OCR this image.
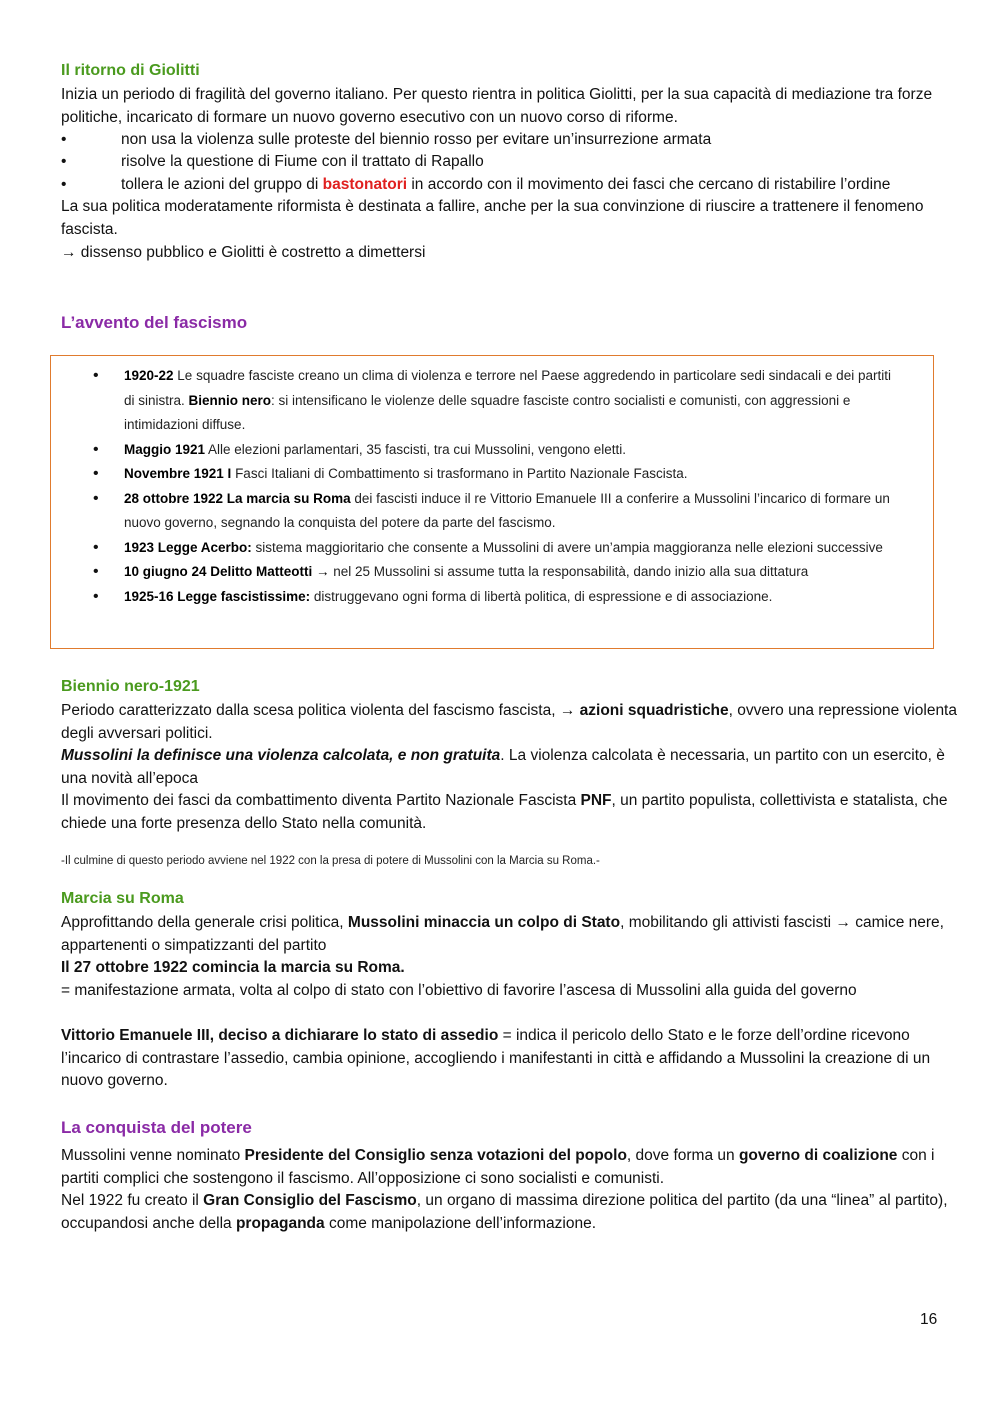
Il ritorno di Giolitti

Inizia un periodo di fragilità del governo italiano. Per questo rientra in politica Giolitti, per la sua capacità di mediazione tra forze politiche, incaricato di formare un nuovo governo esecutivo con un nuovo corso di riforme.

•	non usa la violenza sulle proteste del biennio rosso per evitare un’insurrezione armata

•	risolve la questione di Fiume con il trattato di Rapallo

•	tollera le azioni del gruppo di bastonatori in accordo con il movimento dei fasci che cercano di ristabilire l’ordine

La sua politica moderatamente riformista è destinata a fallire, anche per la sua convinzione di riuscire a trattenere il fenomeno fascista.

→ dissenso pubblico e Giolitti è costretto a dimettersi

L’avvento del fascismo
• 1920-22 Le squadre fasciste creano un clima di violenza e terrore nel Paese aggredendo in particolare sedi sindacali e dei partiti di sinistra. Biennio nero: si intensificano le violenze delle squadre fasciste contro socialisti e comunisti, con aggressioni e intimidazioni diffuse.
• Maggio 1921 Alle elezioni parlamentari, 35 fascisti, tra cui Mussolini, vengono eletti.
• Novembre 1921 I Fasci Italiani di Combattimento si trasformano in Partito Nazionale Fascista.
• 28 ottobre 1922 La marcia su Roma dei fascisti induce il re Vittorio Emanuele III a conferire a Mussolini l’incarico di formare un nuovo governo, segnando la conquista del potere da parte del fascismo.
• 1923 Legge Acerbo: sistema maggioritario che consente a Mussolini di avere un’ampia maggioranza nelle elezioni successive
• 10 giugno 24 Delitto Matteotti → nel 25 Mussolini si assume tutta la responsabilità, dando inizio alla sua dittatura
• 1925-16 Legge fascistissime: distruggevano ogni forma di libertà politica, di espressione e di associazione.
Biennio nero-1921

Periodo caratterizzato dalla scesa politica violenta del fascismo fascista, → azioni squadristiche, ovvero una repressione violenta degli avversari politici.

Mussolini la definisce una violenza calcolata, e non gratuita. La violenza calcolata è necessaria, un partito con un esercito, è una novità all’epoca

Il movimento dei fasci da combattimento diventa Partito Nazionale Fascista PNF, un partito populista, collettivista e statalista, che chiede una forte presenza dello Stato nella comunità.

-Il culmine di questo periodo avviene nel 1922 con la presa di potere di Mussolini con la Marcia su Roma.-

Marcia su Roma

Approfittando della generale crisi politica, Mussolini minaccia un colpo di Stato, mobilitando gli attivisti fascisti → camice nere, appartenenti o simpatizzanti del partito

Il 27 ottobre 1922 comincia la marcia su Roma.

= manifestazione armata, volta al colpo di stato con l’obiettivo di favorire l’ascesa di Mussolini alla guida del governo

Vittorio Emanuele III, deciso a dichiarare lo stato di assedio = indica il pericolo dello Stato e le forze dell’ordine ricevono l’incarico di contrastare l’assedio, cambia opinione, accogliendo i manifestanti in città e affidando a Mussolini la creazione di un nuovo governo.

La conquista del potere

Mussolini venne nominato Presidente del Consiglio senza votazioni del popolo, dove forma un governo di coalizione con i partiti complici che sostengono il fascismo. All’opposizione ci sono socialisti e comunisti.

Nel 1922 fu creato il Gran Consiglio del Fascismo, un organo di massima direzione politica del partito (da una “linea” al partito), occupandosi anche della propaganda come manipolazione dell’informazione.

16
